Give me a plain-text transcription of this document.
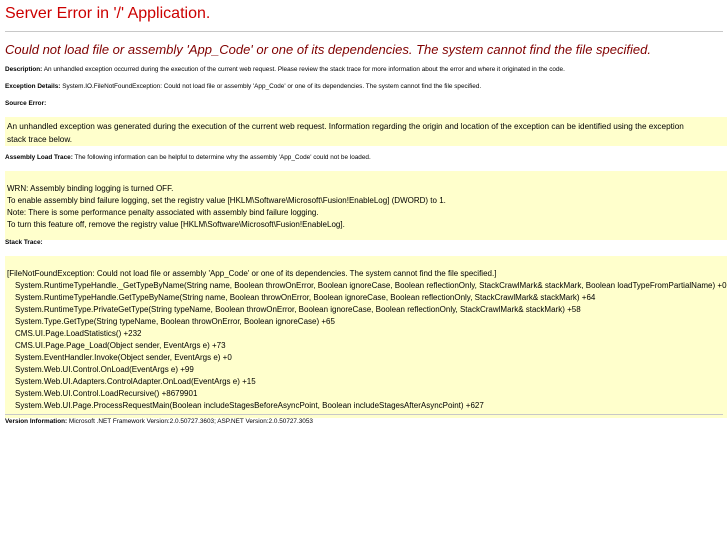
Server Error in '/' Application.
Could not load file or assembly 'App_Code' or one of its dependencies. The system cannot find the file specified.
Description: An unhandled exception occurred during the execution of the current web request. Please review the stack trace for more information about the error and where it originated in the code.
Exception Details: System.IO.FileNotFoundException: Could not load file or assembly 'App_Code' or one of its dependencies. The system cannot find the file specified.
Source Error:
An unhandled exception was generated during the execution of the current web request. Information regarding the origin and location of the exception can be identified using the exception stack trace below.
Assembly Load Trace: The following information can be helpful to determine why the assembly 'App_Code' could not be loaded.
WRN: Assembly binding logging is turned OFF.
To enable assembly bind failure logging, set the registry value [HKLM\Software\Microsoft\Fusion!EnableLog] (DWORD) to 1.
Note: There is some performance penalty associated with assembly bind failure logging.
To turn this feature off, remove the registry value [HKLM\Software\Microsoft\Fusion!EnableLog].
Stack Trace:
[FileNotFoundException: Could not load file or assembly 'App_Code' or one of its dependencies. The system cannot find the file specified.]
System.RuntimeTypeHandle._GetTypeByName(String name, Boolean throwOnError, Boolean ignoreCase, Boolean reflectionOnly, StackCrawlMark& stackMark, Boolean loadTypeFromPartialName) +0
System.RuntimeTypeHandle.GetTypeByName(String name, Boolean throwOnError, Boolean ignoreCase, Boolean reflectionOnly, StackCrawlMark& stackMark) +64
System.RuntimeType.PrivateGetType(String typeName, Boolean throwOnError, Boolean ignoreCase, Boolean reflectionOnly, StackCrawlMark& stackMark) +58
System.Type.GetType(String typeName, Boolean throwOnError, Boolean ignoreCase) +65
CMS.UI.Page.LoadStatistics() +232
CMS.UI.Page.Page_Load(Object sender, EventArgs e) +73
System.EventHandler.Invoke(Object sender, EventArgs e) +0
System.Web.UI.Control.OnLoad(EventArgs e) +99
System.Web.UI.Adapters.ControlAdapter.OnLoad(EventArgs e) +15
System.Web.UI.Control.LoadRecursive() +8679901
System.Web.UI.Page.ProcessRequestMain(Boolean includeStagesBeforeAsyncPoint, Boolean includeStagesAfterAsyncPoint) +627
Version Information: Microsoft .NET Framework Version:2.0.50727.3603; ASP.NET Version:2.0.50727.3053
